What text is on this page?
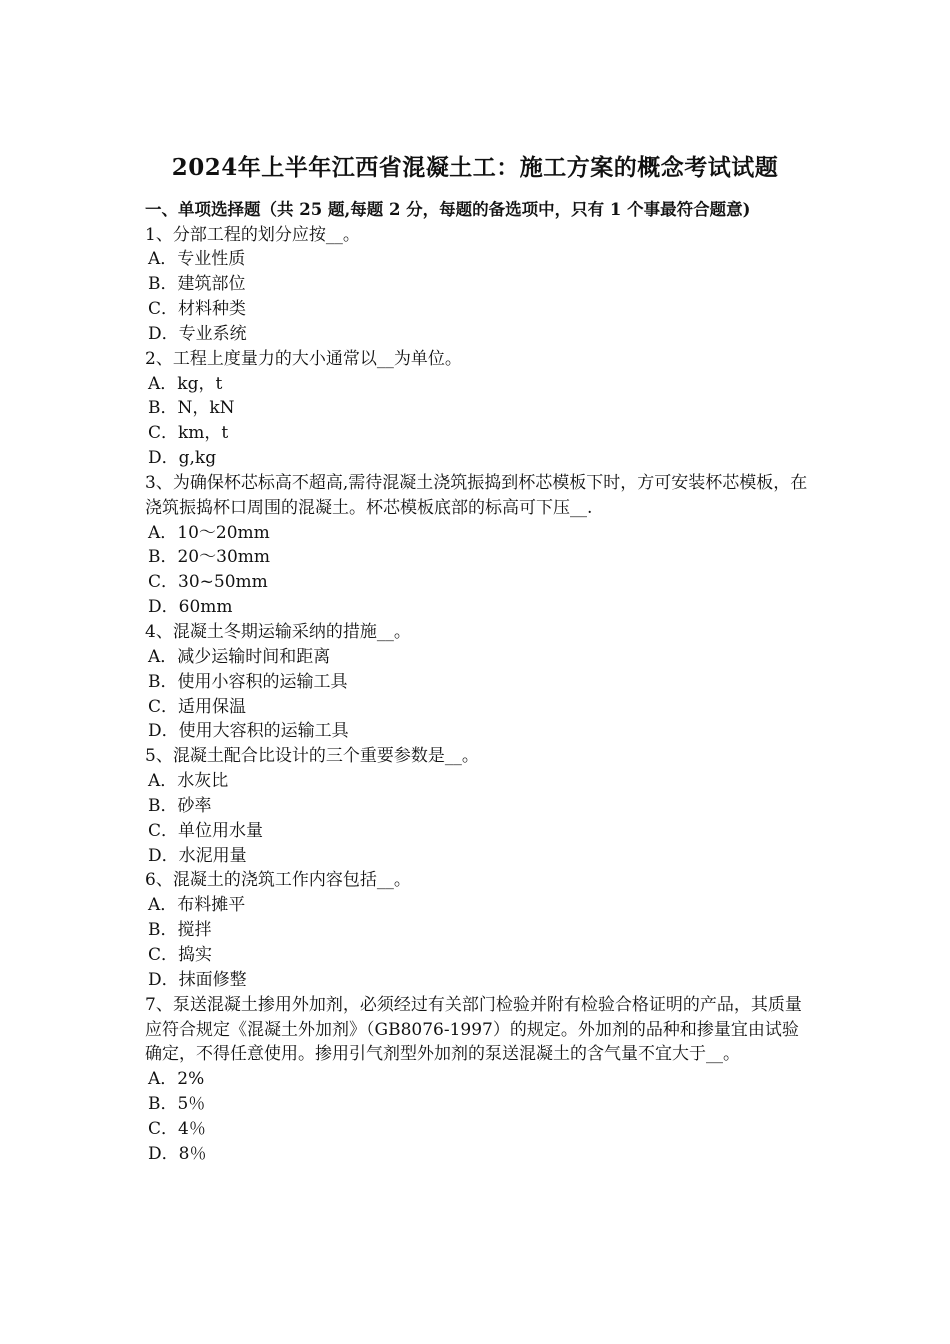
2024年上半年江西省混凝土工：施工方案的概念考试试题

一、单项选择题（共 25 题,每题 2 分，每题的备选项中，只有 1 个事最符合题意)

1、分部工程的划分应按__。

A．专业性质
B．建筑部位
C．材料种类
D．专业系统

2、工程上度量力的大小通常以__为单位。

A．kg，t
B．N，kN
C．km，t
D．g,kg

3、为确保杯芯标高不超高,需待混凝土浇筑振捣到杯芯模板下时，方可安装杯芯模板，在浇筑振捣杯口周围的混凝土。杯芯模板底部的标高可下压__.

A．10～20mm
B．20～30mm
C．30~50mm
D．60mm

4、混凝土冬期运输采纳的措施__。

A．减少运输时间和距离
B．使用小容积的运输工具
C．适用保温
D．使用大容积的运输工具

5、混凝土配合比设计的三个重要参数是__。

A．水灰比
B．砂率
C．单位用水量
D．水泥用量

6、混凝土的浇筑工作内容包括__。

A．布料摊平
B．搅拌
C．捣实
D．抹面修整

7、泵送混凝土掺用外加剂，必须经过有关部门检验并附有检验合格证明的产品，其质量应符合规定《混凝土外加剂》（GB8076-1997）的规定。外加剂的品种和掺量宜由试验确定，不得任意使用。掺用引气剂型外加剂的泵送混凝土的含气量不宜大于__。

A．2%
B．5％
C．4％
D．8％
